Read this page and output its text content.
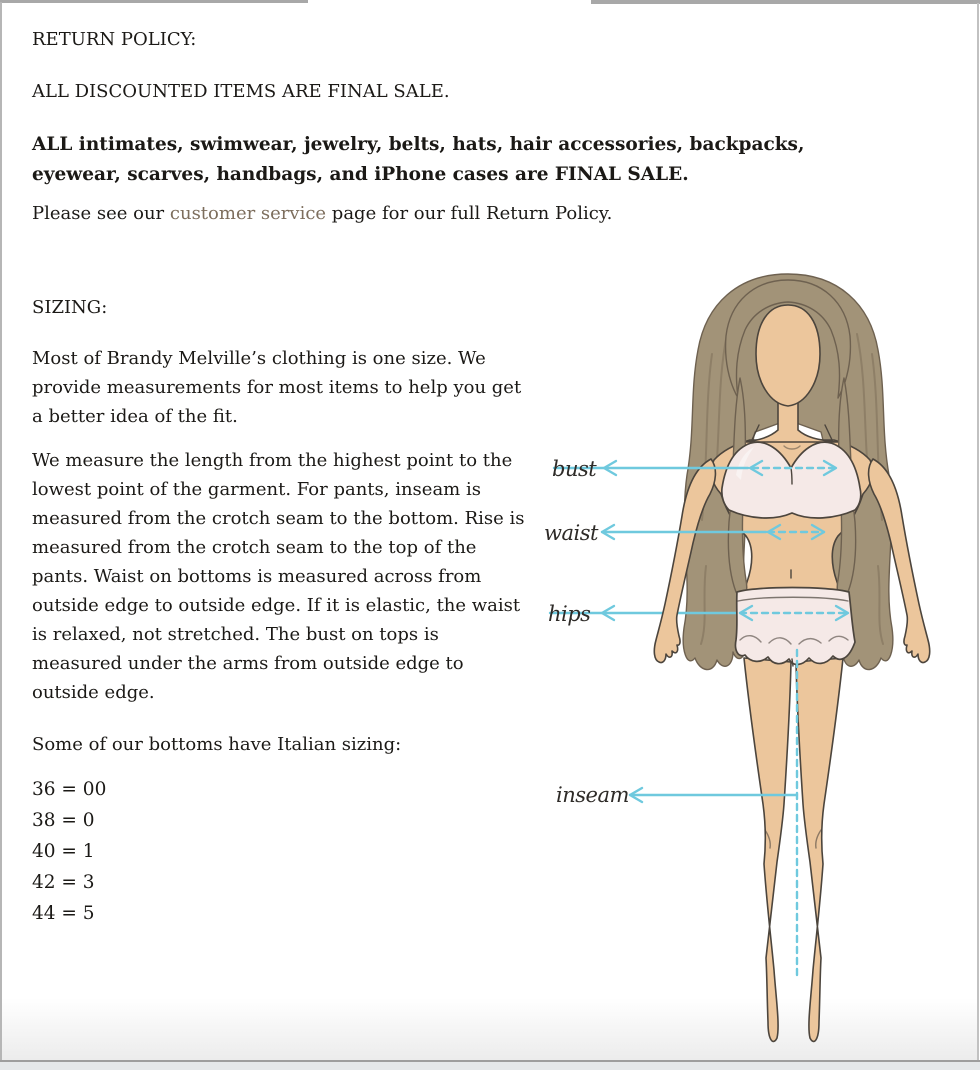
RETURN POLICY:

ALL DISCOUNTED ITEMS ARE FINAL SALE.

ALL intimates, swimwear, jewelry, belts, hats, hair accessories, backpacks,
eyewear, scarves, handbags, and iPhone cases are FINAL SALE.

Please see our customer service page for our full Return Policy.

SIZING:

Most of Brandy Melville’s clothing is one size. We provide measurements for most items to help you get a better idea of the fit.

We measure the length from the highest point to the lowest point of the garment. For pants, inseam is measured from the crotch seam to the bottom. Rise is measured from the crotch seam to the top of the pants. Waist on bottoms is measured across from outside edge to outside edge. If it is elastic, the waist is relaxed, not stretched. The bust on tops is measured under the arms from outside edge to outside edge.

Some of our bottoms have Italian sizing:

36 = 00
38 = 0
40 = 1
42 = 3
44 = 5
bust
waist
hips
inseam
